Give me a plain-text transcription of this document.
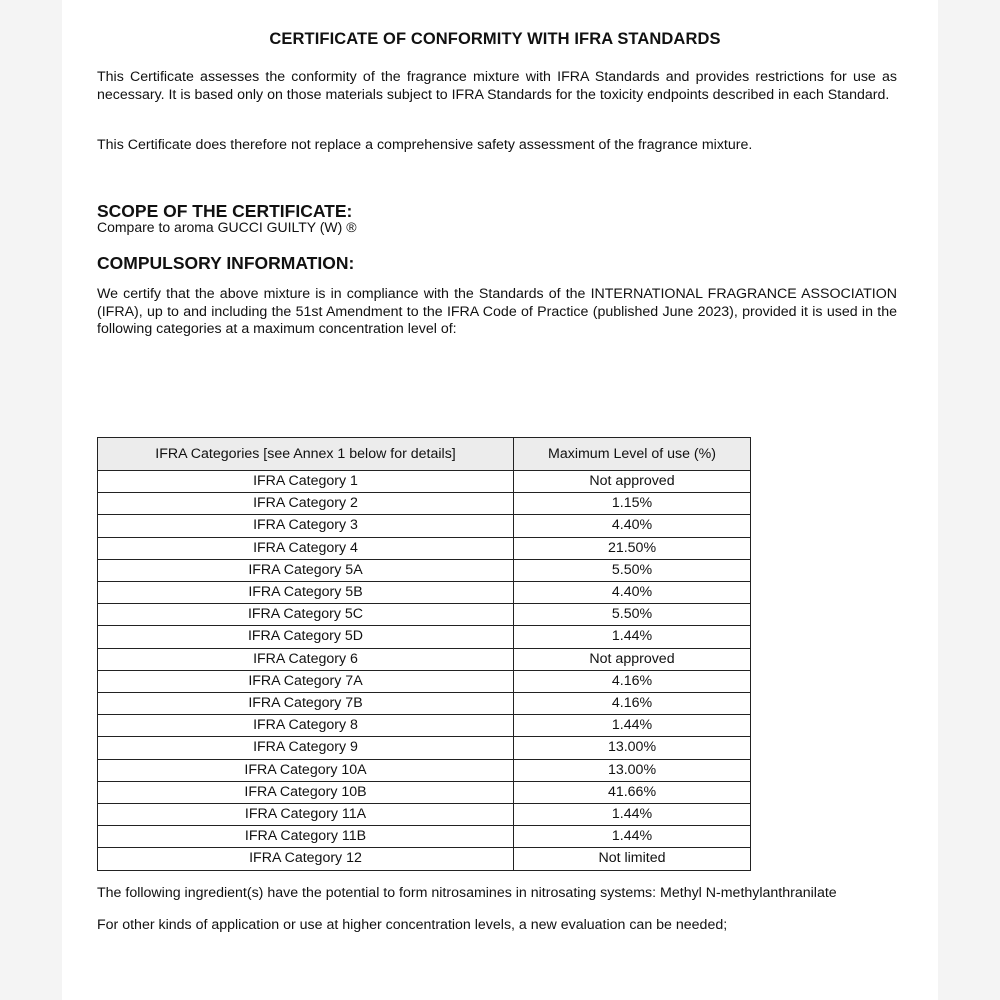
CERTIFICATE OF CONFORMITY WITH IFRA STANDARDS

This Certificate assesses the conformity of the fragrance mixture with IFRA Standards and provides restrictions for use as necessary. It is based only on those materials subject to IFRA Standards for the toxicity endpoints described in each Standard.

This Certificate does therefore not replace a comprehensive safety assessment of the fragrance mixture.

SCOPE OF THE CERTIFICATE:
Compare to aroma GUCCI GUILTY (W) ®
COMPULSORY INFORMATION:

We certify that the above mixture is in compliance with the Standards of the INTERNATIONAL FRAGRANCE ASSOCIATION (IFRA), up to and including the 51st Amendment to the IFRA Code of Practice (published June 2023), provided it is used in the following categories at a maximum concentration level of:

IFRA Categories [see Annex 1 below for details]	Maximum Level of use (%)
IFRA Category 1	Not approved
IFRA Category 2	1.15%
IFRA Category 3	4.40%
IFRA Category 4	21.50%
IFRA Category 5A	5.50%
IFRA Category 5B	4.40%
IFRA Category 5C	5.50%
IFRA Category 5D	1.44%
IFRA Category 6	Not approved
IFRA Category 7A	4.16%
IFRA Category 7B	4.16%
IFRA Category 8	1.44%
IFRA Category 9	13.00%
IFRA Category 10A	13.00%
IFRA Category 10B	41.66%
IFRA Category 11A	1.44%
IFRA Category 11B	1.44%
IFRA Category 12	Not limited

The following ingredient(s) have the potential to form nitrosamines in nitrosating systems: Methyl N-methylanthranilate

For other kinds of application or use at higher concentration levels, a new evaluation can be needed;
